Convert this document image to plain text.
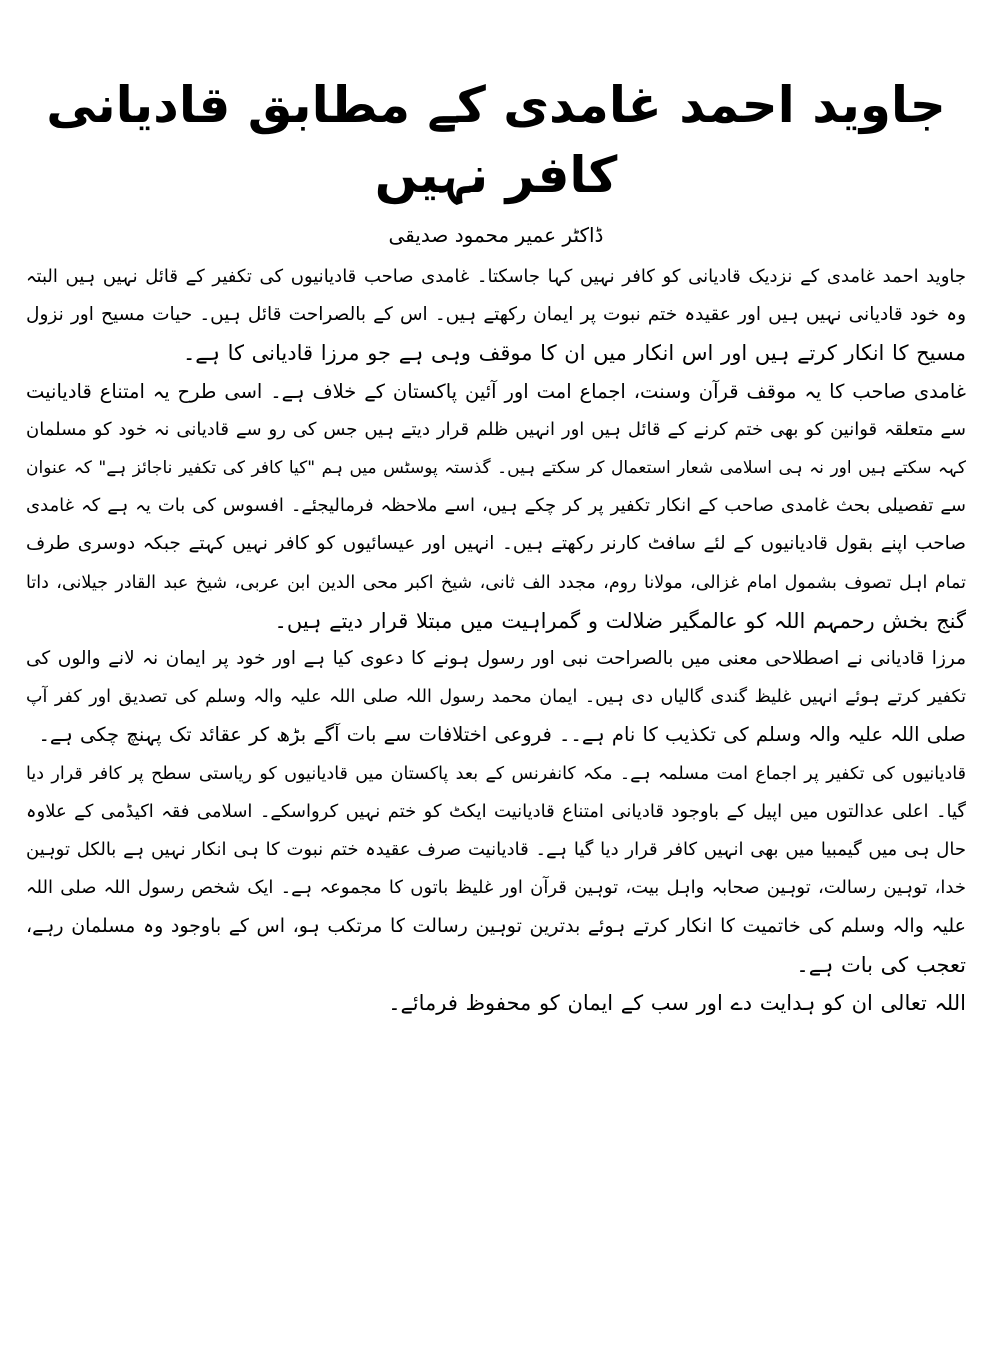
جاوید احمد غامدی کے مطابق قادیانی کافر نہیں
ڈاکٹر عمیر محمود صدیقی
جاوید احمد غامدی کے نزدیک قادیانی کو کافر نہیں کہا جاسکتا۔ غامدی صاحب قادیانیوں کی تکفیر کے قائل نہیں ہیں البتہ
وہ خود قادیانی نہیں ہیں اور عقیدہ ختم نبوت پر ایمان رکھتے ہیں۔ اس کے بالصراحت قائل ہیں۔ حیات مسیح اور نزول
مسیح کا انکار کرتے ہیں اور اس انکار میں ان کا موقف وہی ہے جو مرزا قادیانی کا ہے۔
غامدی صاحب کا یہ موقف قرآن وسنت، اجماع امت اور آئین پاکستان کے خلاف ہے۔ اسی طرح یہ امتناع قادیانیت
سے متعلقہ قوانین کو بھی ختم کرنے کے قائل ہیں اور انہیں ظلم قرار دیتے ہیں جس کی رو سے قادیانی نہ خود کو مسلمان
کہہ سکتے ہیں اور نہ ہی اسلامی شعار استعمال کر سکتے ہیں۔ گذستہ پوسٹس میں ہم "کیا کافر کی تکفیر ناجائز ہے" کہ عنوان
سے تفصیلی بحث غامدی صاحب کے انکار تکفیر پر کر چکے ہیں، اسے ملاحظہ فرمالیجئے۔ افسوس کی بات یہ ہے کہ غامدی
صاحب اپنے بقول قادیانیوں کے لئے سافٹ کارنر رکھتے ہیں۔ انہیں اور عیسائیوں کو کافر نہیں کہتے جبکہ دوسری طرف
تمام اہل تصوف بشمول امام غزالی، مولانا روم، مجدد الف ثانی، شیخ اکبر محی الدین ابن عربی، شیخ عبد القادر جیلانی، داتا
گنج بخش رحمہم اللہ کو عالمگیر ضلالت و گمراہیت میں مبتلا قرار دیتے ہیں۔
مرزا قادیانی نے اصطلاحی معنی میں بالصراحت نبی اور رسول ہونے کا دعوی کیا ہے اور خود پر ایمان نہ لانے والوں کی
تکفیر کرتے ہوئے انہیں غلیظ گندی گالیاں دی ہیں۔ ایمان محمد رسول اللہ صلی اللہ علیہ والہ وسلم کی تصدیق اور کفر آپ
صلی اللہ علیہ والہ وسلم کی تکذیب کا نام ہے۔۔ فروعی اختلافات سے بات آگے بڑھ کر عقائد تک پہنچ چکی ہے۔
قادیانیوں کی تکفیر پر اجماع امت مسلمہ ہے۔ مکہ کانفرنس کے بعد پاکستان میں قادیانیوں کو ریاستی سطح پر کافر قرار دیا
گیا۔ اعلی عدالتوں میں اپیل کے باوجود قادیانی امتناع قادیانیت ایکٹ کو ختم نہیں کرواسکے۔ اسلامی فقہ اکیڈمی کے علاوہ
حال ہی میں گیمبیا میں بھی انہیں کافر قرار دیا گیا ہے۔ قادیانیت صرف عقیدہ ختم نبوت کا ہی انکار نہیں ہے بالکل توہین
خدا، توہین رسالت، توہین صحابہ واہل بیت، توہین قرآن اور غلیظ باتوں کا مجموعہ ہے۔ ایک شخص رسول اللہ صلی اللہ
علیہ والہ وسلم کی خاتمیت کا انکار کرتے ہوئے بدترین توہین رسالت کا مرتکب ہو، اس کے باوجود وہ مسلمان رہے،
تعجب کی بات ہے۔
اللہ تعالی ان کو ہدایت دے اور سب کے ایمان کو محفوظ فرمائے۔
